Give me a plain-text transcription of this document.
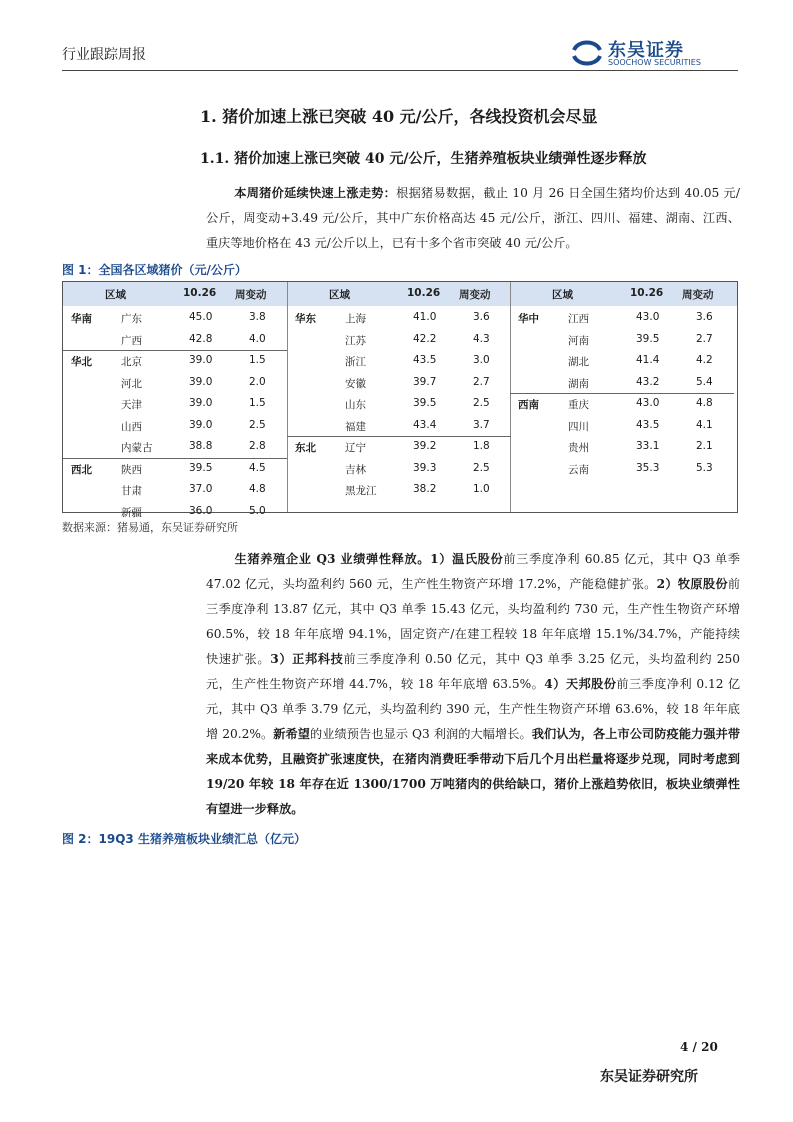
行业跟踪周报	东吴证券
SOOCHOW SECURITIES
1. 猪价加速上涨已突破 40 元/公斤，各线投资机会尽显
1.1. 猪价加速上涨已突破 40 元/公斤，生猪养殖板块业绩弹性逐步释放
本周猪价延续快速上涨走势：根据猪易数据，截止 10 月 26 日全国生猪均价达到 40.05 元/公斤，周变动+3.49 元/公斤，其中广东价格高达 45 元/公斤，浙江、四川、福建、湖南、江西、重庆等地价格在 43 元/公斤以上，已有十多个省市突破 40 元/公斤。
图 1：全国各区域猪价（元/公斤）
区域	10.26 周变动
华南	广东	45.0	3.8
广西	42.8	4.0
华北	北京	39.0	1.5
河北	39.0	2.0
天津	39.0	1.5
山西	39.0	2.5
内蒙古	38.8	2.8
西北	陕西	39.5	4.5
甘肃	37.0	4.8
新疆	36.0	5.0
区域	10.26 周变动
华东	上海	41.0	3.6
江苏	42.2	4.3
浙江	43.5	3.0
安徽	39.7	2.7
山东	39.5	2.5
福建	43.4	3.7
东北	辽宁	39.2	1.8
吉林	39.3	2.5
黑龙江	38.2	1.0
区域	10.26 周变动
华中	江西	43.0	3.6
河南	39.5	2.7
湖北	41.4	4.2
湖南	43.2	5.4
西南	重庆	43.0	4.8
四川	43.5	4.1
贵州	33.1	2.1
云南	35.3	5.3
数据来源：猪易通，东吴证券研究所
生猪养殖企业 Q3 业绩弹性释放。1）温氏股份前三季度净利 60.85 亿元，其中 Q3 单季 47.02 亿元，头均盈利约 560 元，生产性生物资产环增 17.2%，产能稳健扩张。2）牧原股份前三季度净利 13.87 亿元，其中 Q3 单季 15.43 亿元，头均盈利约 730 元，生产性生物资产环增 60.5%，较 18 年年底增 94.1%，固定资产/在建工程较 18 年年底增 15.1%/34.7%，产能持续快速扩张。3）正邦科技前三季度净利 0.50 亿元，其中 Q3 单季 3.25 亿元，头均盈利约 250 元，生产性生物资产环增 44.7%，较 18 年年底增 63.5%。4）天邦股份前三季度净利 0.12 亿元，其中 Q3 单季 3.79 亿元，头均盈利约 390 元，生产性生物资产环增 63.6%，较 18 年年底增 20.2%。新希望的业绩预告也显示 Q3 利润的大幅增长。我们认为，各上市公司防疫能力强并带来成本优势，且融资扩张速度快，在猪肉消费旺季带动下后几个月出栏量将逐步兑现，同时考虑到 19/20 年较 18 年存在近 1300/1700 万吨猪肉的供给缺口，猪价上涨趋势依旧，板块业绩弹性有望进一步释放。
图 2：19Q3 生猪养殖板块业绩汇总（亿元）
4 / 20
东吴证券研究所
